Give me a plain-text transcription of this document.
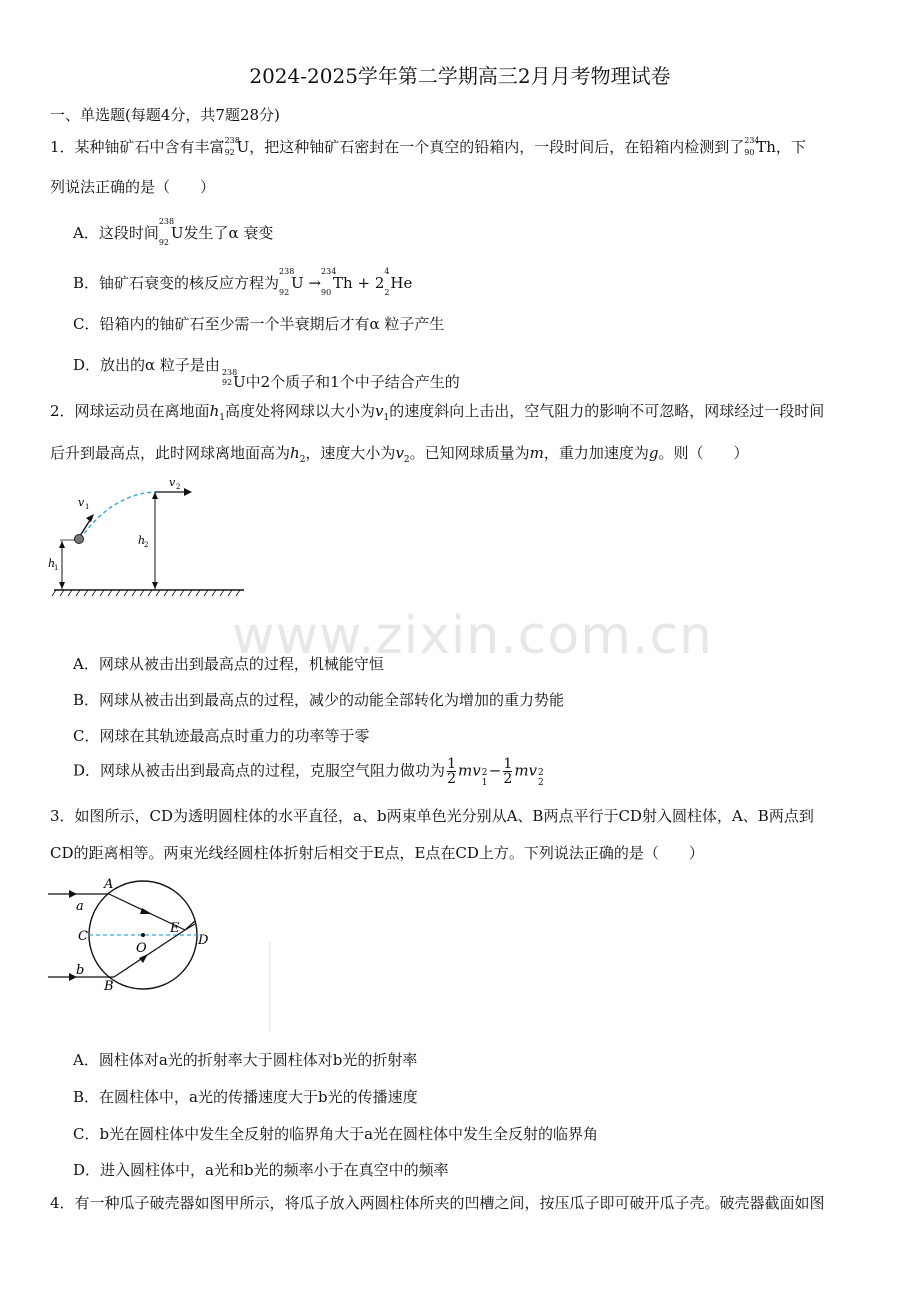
2024-2025学年第二学期高三2月月考物理试卷
一、单选题(每题4分，共7题28分)
1．某种铀矿石中含有丰富 238
92 U，把这种铀矿石密封在一个真空的铅箱内，一段时间后，在铅箱内检测到了 234
90 Th，下
列说法正确的是（　　）
A．这段时间
238
92
U发生了α 衰变
B．铀矿石衰变的核反应方程为
238
92
U →
234
90
Th + 2
4
2
He
C．铅箱内的铀矿石至少需一个半衰期后才有α 粒子产生
D．放出的α 粒子是由 238
92 U中2个质子和1个中子结合产生的
2．网球运动员在离地面$h_1$高度处将网球以大小为$v_1$的速度斜向上击出，空气阻力的影响不可忽略，网球经过一段时间
后升到最高点，此时网球离地面高为$h_2$，速度大小为$v_2$。已知网球质量为m，重力加速度为g。则（　　）
v 1
v 2
h
1
h
2
www.zixin.com.cn
A．网球从被击出到最高点的过程，机械能守恒
B．网球从被击出到最高点的过程，减少的动能全部转化为增加的重力势能
C．网球在其轨迹最高点时重力的功率等于零
D．网球从被击出到最高点的过程，克服空气阻力做功为 $\frac{1}{2}$ mv 2
1
− $\frac{1}{2}$ mv 2
2
3．如图所示，CD为透明圆柱体的水平直径，a、b两束单色光分别从A、B两点平行于CD射入圆柱体，A、B两点到
CD的距离相等。两束光线经圆柱体折射后相交于E点，E点在CD上方。下列说法正确的是（　　）
A
B
C	D
E
O
a
b
A．圆柱体对a光的折射率大于圆柱体对b光的折射率
B．在圆柱体中，a光的传播速度大于b光的传播速度
C．b光在圆柱体中发生全反射的临界角大于a光在圆柱体中发生全反射的临界角
D．进入圆柱体中，a光和b光的频率小于在真空中的频率
4．有一种瓜子破壳器如图甲所示，将瓜子放入两圆柱体所夹的凹槽之间，按压瓜子即可破开瓜子壳。破壳器截面如图
